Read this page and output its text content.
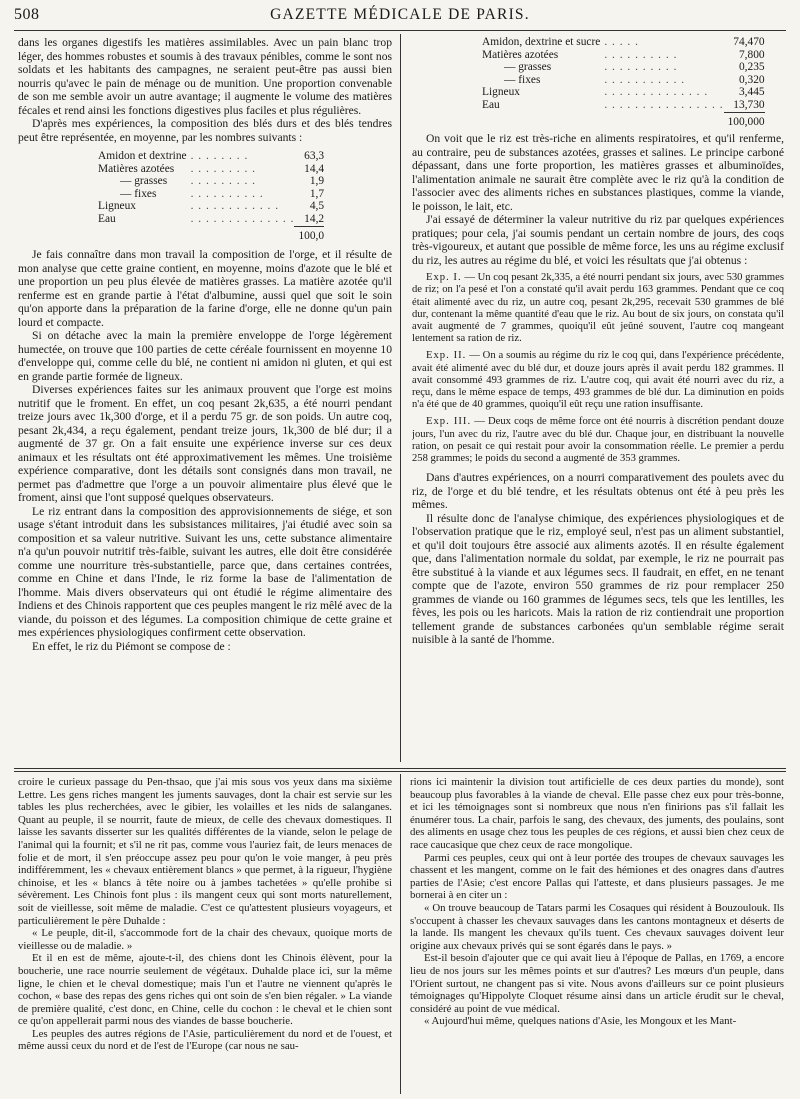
508	GAZETTE MÉDICALE DE PARIS.

dans les organes digestifs les matières assimilables. Avec un pain blanc trop léger, des hommes robustes et soumis à des travaux pénibles, comme le sont nos soldats et les habitants des campagnes, ne seraient peut-être pas aussi bien nourris qu'avec le pain de ménage ou de munition. Une proportion convenable de son me semble avoir un autre avantage; il augmente le volume des matières fécales et rend ainsi les fonctions digestives plus faciles et plus régulières.

D'après mes expériences, la composition des blés durs et des blés tendres peut être représentée, en moyenne, par les nombres suivants :

Amidon et dextrine	. . . . . . . .	63,3
Matières azotées	. . . . . . . . .	14,4
— grasses	. . . . . . . . .	1,9
— fixes	. . . . . . . . . .	1,7
Ligneux	. . . . . . . . . . . .	4,5
Eau	. . . . . . . . . . . . . .	14,2
		100,0

Je fais connaître dans mon travail la composition de l'orge, et il résulte de mon analyse que cette graine contient, en moyenne, moins d'azote que le blé et une proportion un peu plus élevée de matières grasses. La matière azotée qu'il renferme est en grande partie à l'état d'albumine, aussi quel que soit le soin qu'on apporte dans la préparation de la farine d'orge, elle ne donne qu'un pain lourd et compacte.

Si on détache avec la main la première enveloppe de l'orge légèrement humectée, on trouve que 100 parties de cette céréale fournissent en moyenne 10 d'enveloppe qui, comme celle du blé, ne contient ni amidon ni gluten, et qui est en grande partie formée de ligneux.

Diverses expériences faites sur les animaux prouvent que l'orge est moins nutritif que le froment. En effet, un coq pesant 2k,635, a été nourri pendant treize jours avec 1k,300 d'orge, et il a perdu 75 gr. de son poids. Un autre coq, pesant 2k,434, a reçu également, pendant treize jours, 1k,300 de blé dur; il a augmenté de 37 gr. On a fait ensuite une expérience inverse sur ces deux animaux et les résultats ont été approximativement les mêmes. Une troisième expérience comparative, dont les détails sont consignés dans mon travail, ne permet pas d'admettre que l'orge a un pouvoir alimentaire plus élevé que le froment, ainsi que l'ont supposé quelques observateurs.

Le riz entrant dans la composition des approvisionnements de siége, et son usage s'étant introduit dans les subsistances militaires, j'ai étudié avec soin sa composition et sa valeur nutritive. Suivant les uns, cette substance alimentaire n'a qu'un pouvoir nutritif très-faible, suivant les autres, elle doit être considérée comme une nourriture très-substantielle, parce que, dans certaines contrées, comme en Chine et dans l'Inde, le riz forme la base de l'alimentation de l'homme. Mais divers observateurs qui ont étudié le régime alimentaire des Indiens et des Chinois rapportent que ces peuples mangent le riz mêlé avec de la viande, du poisson et des légumes. La composition chimique de cette graine et mes expériences physiologiques confirment cette observation.

En effet, le riz du Piémont se compose de :

Amidon, dextrine et sucre	. . . . .	74,470
Matières azotées	. . . . . . . . . .	7,800
— grasses	. . . . . . . . . .	0,235
— fixes	. . . . . . . . . . .	0,320
Ligneux	. . . . . . . . . . . . . .	3,445
Eau	. . . . . . . . . . . . . . . .	13,730
		100,000

On voit que le riz est très-riche en aliments respiratoires, et qu'il renferme, au contraire, peu de substances azotées, grasses et salines. Le principe carboné dépassant, dans une forte proportion, les matières grasses et albuminoïdes, l'alimentation animale ne saurait être complète avec le riz qu'à la condition de l'associer avec des aliments riches en substances plastiques, comme la viande, le poisson, le lait, etc.

J'ai essayé de déterminer la valeur nutritive du riz par quelques expériences pratiques; pour cela, j'ai soumis pendant un certain nombre de jours, des coqs très-vigoureux, et autant que possible de même force, les uns au régime exclusif du riz, les autres au régime du blé, et voici les résultats que j'ai obtenus :

Exp. I. — Un coq pesant 2k,335, a été nourri pendant six jours, avec 530 grammes de riz; on l'a pesé et l'on a constaté qu'il avait perdu 163 grammes. Pendant que ce coq était alimenté avec du riz, un autre coq, pesant 2k,295, recevait 530 grammes de blé dur, contenant la même quantité d'eau que le riz. Au bout de six jours, on constata qu'il avait augmenté de 7 grammes, quoiqu'il eût jeûné souvent, l'autre coq mangeant lentement sa ration de riz.

Exp. II. — On a soumis au régime du riz le coq qui, dans l'expérience précédente, avait été alimenté avec du blé dur, et douze jours après il avait perdu 182 grammes. Il avait consommé 493 grammes de riz. L'autre coq, qui avait été nourri avec du riz, a reçu, dans le même espace de temps, 493 grammes de blé dur. La diminution en poids n'a été que de 40 grammes, quoiqu'il eût reçu une ration insuffisante.

Exp. III. — Deux coqs de même force ont été nourris à discrétion pendant douze jours, l'un avec du riz, l'autre avec du blé dur. Chaque jour, en distribuant la nouvelle ration, on pesait ce qui restait pour avoir la consommation réelle. Le premier a perdu 258 grammes; le poids du second a augmenté de 353 grammes.

Dans d'autres expériences, on a nourri comparativement des poulets avec du riz, de l'orge et du blé tendre, et les résultats obtenus ont été à peu près les mêmes.

Il résulte donc de l'analyse chimique, des expériences physiologiques et de l'observation pratique que le riz, employé seul, n'est pas un aliment substantiel, et qu'il doit toujours être associé aux aliments azotés. Il en résulte également que, dans l'alimentation normale du soldat, par exemple, le riz ne pourrait pas être substitué à la viande et aux légumes secs. Il faudrait, en effet, en ne tenant compte que de l'azote, environ 550 grammes de riz pour remplacer 250 grammes de viande ou 160 grammes de légumes secs, tels que les lentilles, les fèves, les pois ou les haricots. Mais la ration de riz contiendrait une proportion tellement grande de substances carbonées qu'un semblable régime serait nuisible à la santé de l'homme.

croire le curieux passage du Pen-thsao, que j'ai mis sous vos yeux dans ma sixième Lettre. Les gens riches mangent les juments sauvages, dont la chair est servie sur les tables les plus recherchées, avec le gibier, les volailles et les nids de salanganes. Quant au peuple, il se nourrit, faute de mieux, de celle des chevaux domestiques. Il laisse les savants disserter sur les qualités différentes de la viande, selon le pelage de l'animal qui la fournit; et s'il ne rit pas, comme vous l'auriez fait, de leurs menaces de folie et de mort, il s'en préoccupe assez peu pour qu'on le voie manger, à peu près indifféremment, les « chevaux entièrement blancs » que permet, à la rigueur, l'hygiène chinoise, et les « blancs à tête noire ou à jambes tachetées » qu'elle prohibe si sévèrement. Les Chinois font plus : ils mangent ceux qui sont morts naturellement, soit de vieillesse, soit même de maladie. C'est ce qu'attestent plusieurs voyageurs, et particulièrement le père Duhalde :

« Le peuple, dit-il, s'accommode fort de la chair des chevaux, quoique morts de vieillesse ou de maladie. »

Et il en est de même, ajoute-t-il, des chiens dont les Chinois élèvent, pour la boucherie, une race nourrie seulement de végétaux. Duhalde place ici, sur la même ligne, le chien et le cheval domestique; mais l'un et l'autre ne viennent qu'après le cochon, « base des repas des gens riches qui ont soin de s'en bien régaler. » La viande de première qualité, c'est donc, en Chine, celle du cochon : le cheval et le chien sont ce qu'on appellerait parmi nous des viandes de basse boucherie.

Les peuples des autres régions de l'Asie, particulièrement du nord et de l'ouest, et même aussi ceux du nord et de l'est de l'Europe (car nous ne sau-

rions ici maintenir la division tout artificielle de ces deux parties du monde), sont beaucoup plus favorables à la viande de cheval. Elle passe chez eux pour très-bonne, et ici les témoignages sont si nombreux que nous n'en finirions pas s'il fallait les énumérer tous. La chair, parfois le sang, des chevaux, des juments, des poulains, sont des aliments en usage chez tous les peuples de ces régions, et aussi bien chez ceux de race caucasique que chez ceux de race mongolique.

Parmi ces peuples, ceux qui ont à leur portée des troupes de chevaux sauvages les chassent et les mangent, comme on le fait des hémiones et des onagres dans d'autres parties de l'Asie; c'est encore Pallas qui l'atteste, et dans plusieurs passages. Je me bornerai à en citer un :

« On trouve beaucoup de Tatars parmi les Cosaques qui résident à Bouzoulouk. Ils s'occupent à chasser les chevaux sauvages dans les cantons montagneux et déserts de la lande. Ils mangent les chevaux qu'ils tuent. Ces chevaux sauvages doivent leur origine aux chevaux privés qui se sont égarés dans le pays. »

Est-il besoin d'ajouter que ce qui avait lieu à l'époque de Pallas, en 1769, a encore lieu de nos jours sur les mêmes points et sur d'autres? Les mœurs d'un peuple, dans l'Orient surtout, ne changent pas si vite. Nous avons d'ailleurs sur ce point plusieurs témoignages qu'Hippolyte Cloquet résume ainsi dans un article érudit sur le cheval, considéré au point de vue médical.

« Aujourd'hui même, quelques nations d'Asie, les Mongoux et les Mant-
